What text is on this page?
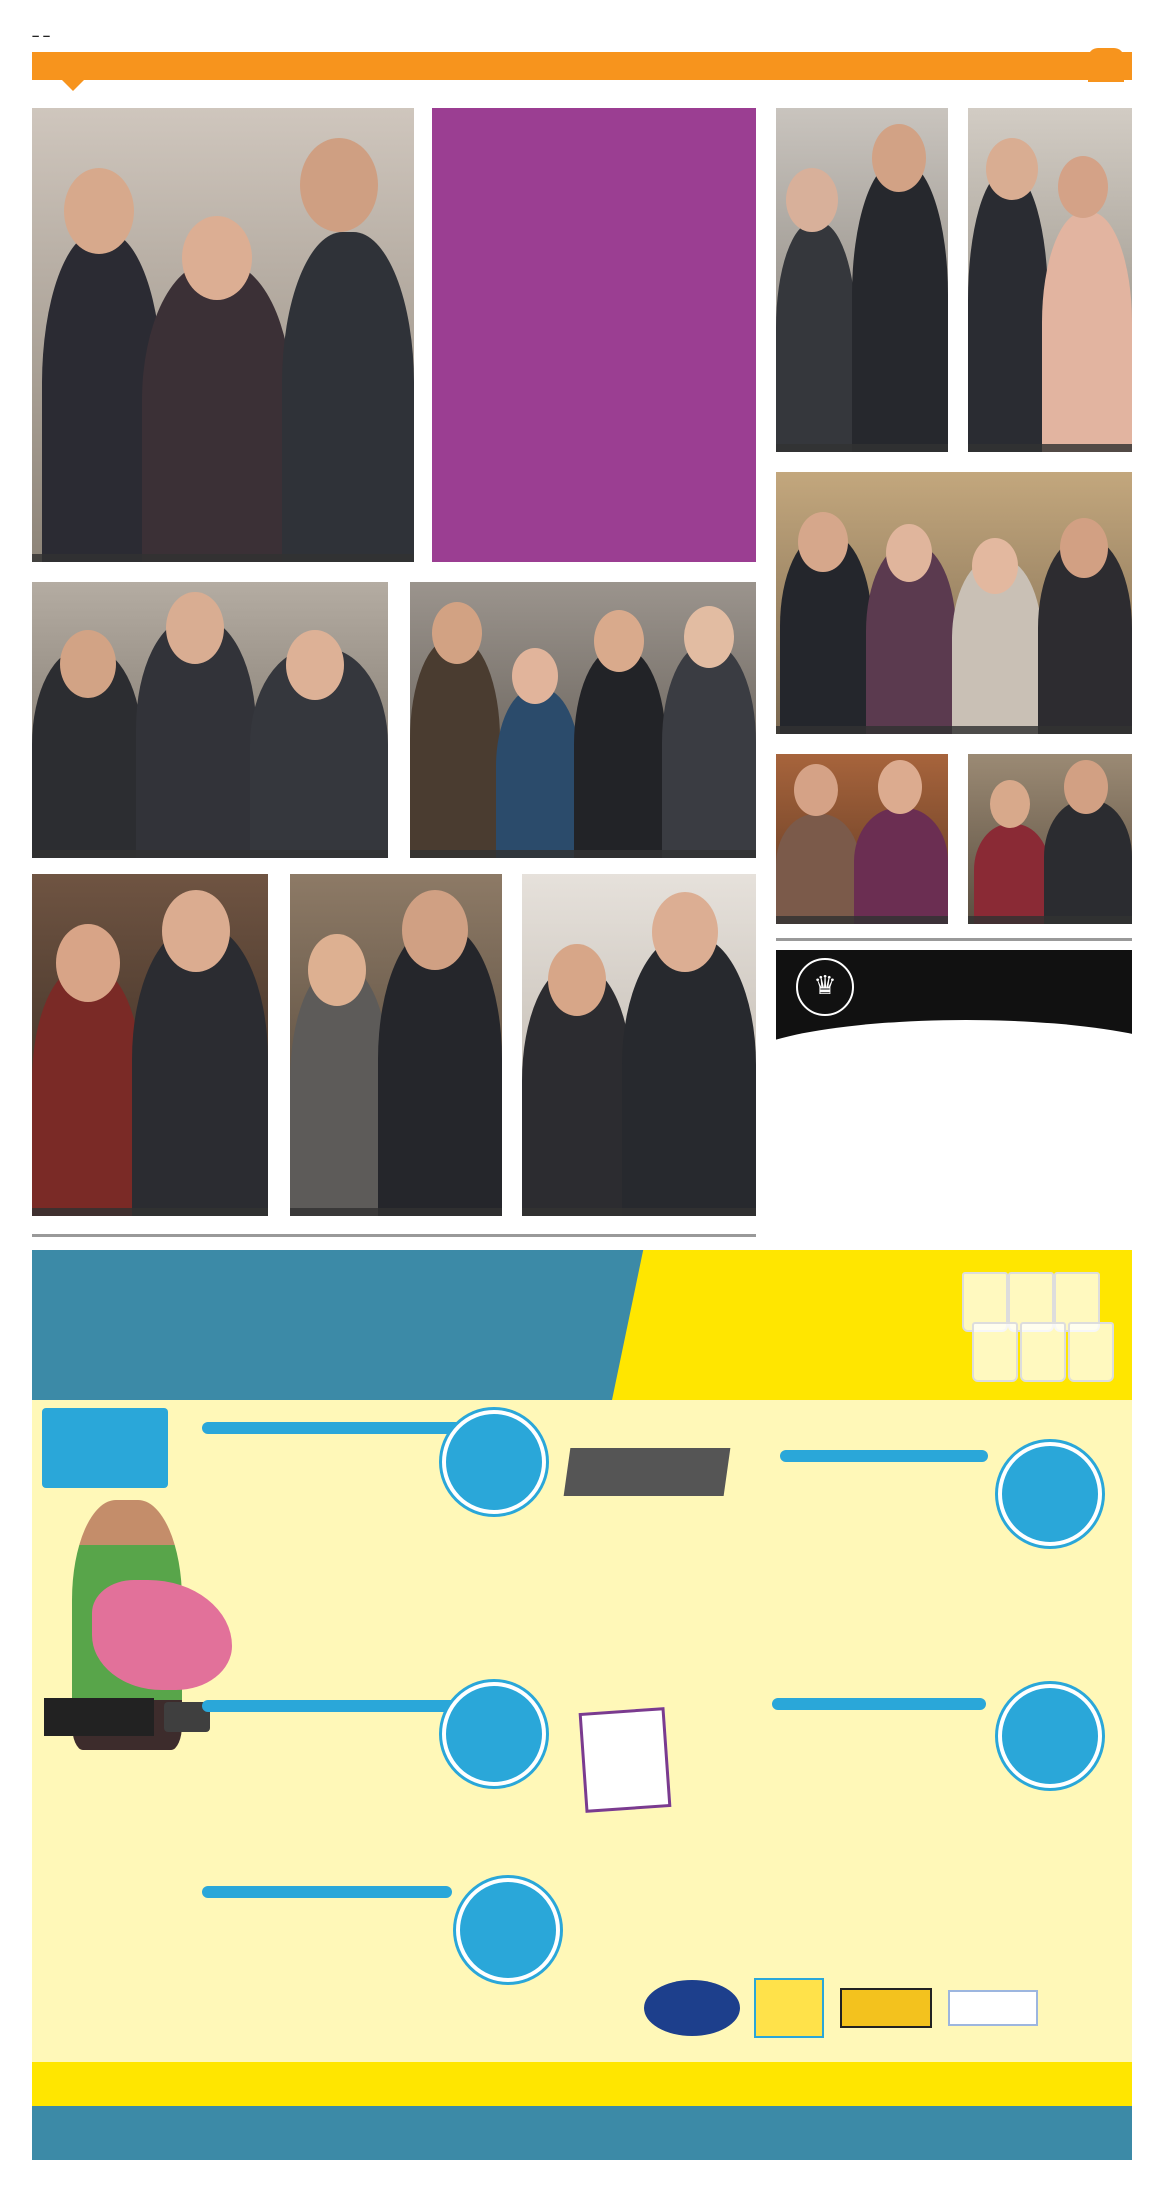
– –

♛
